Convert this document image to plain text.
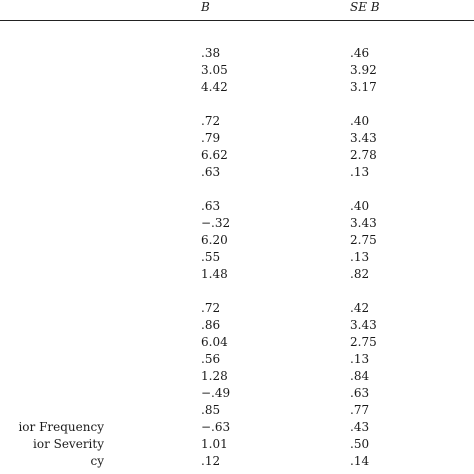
B	SE B
.38	.46
3.05	3.92
4.42	3.17
.72	.40
.79	3.43
6.62	2.78
.63	.13
.63	.40
−.32	3.43
6.20	2.75
.55	.13
1.48	.82
.72	.42
.86	3.43
6.04	2.75
.56	.13
1.28	.84
−.49	.63
.85	.77
ior Frequency	−.63	.43
ior Severity	1.01	.50
cy	.12	.14
